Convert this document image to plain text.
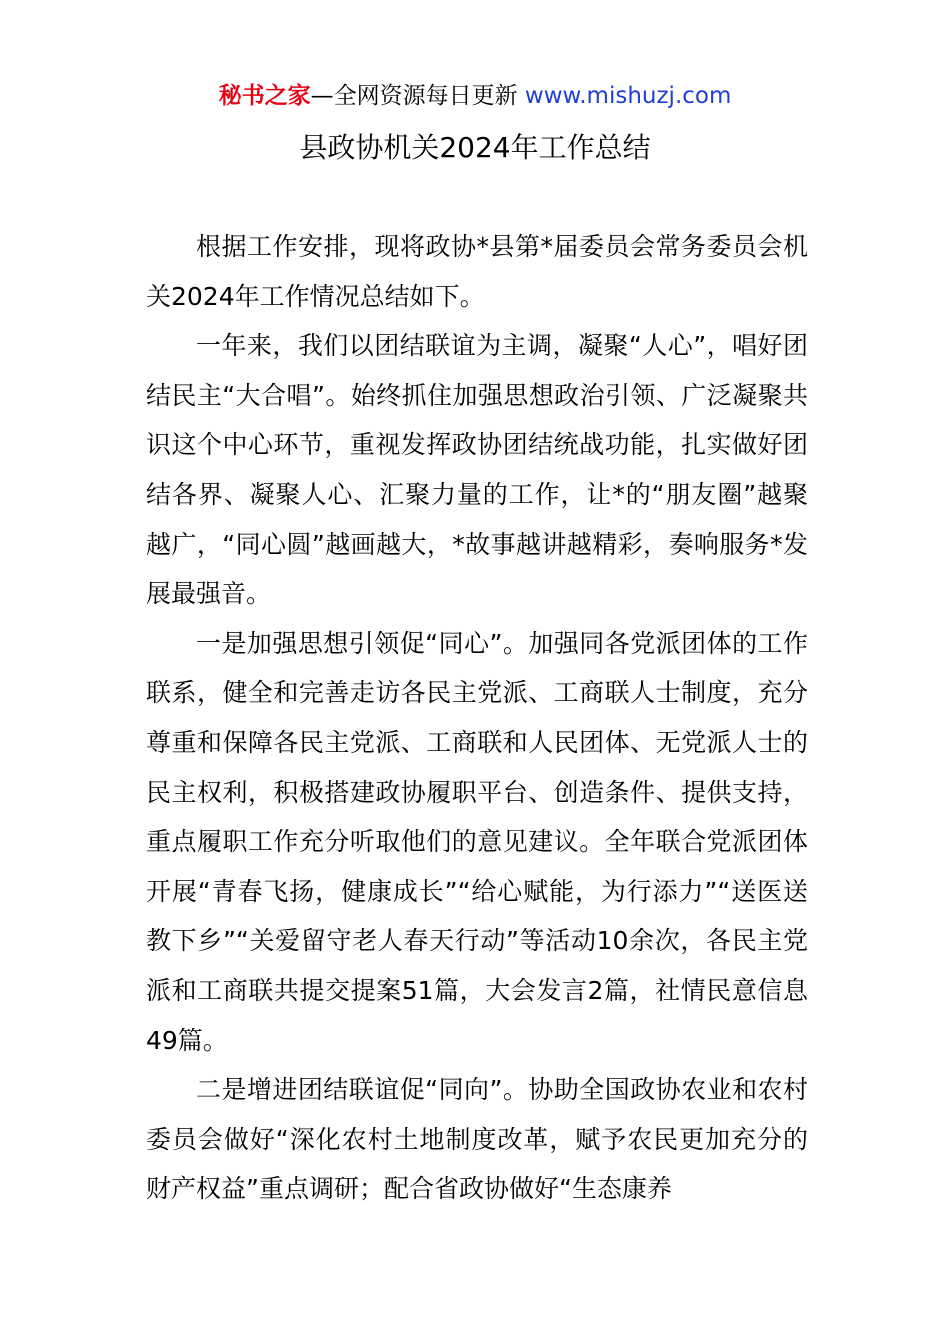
秘书之家—全网资源每日更新 www.mishuzj.com
县政协机关2024年工作总结

根据工作安排，现将政协*县第*届委员会常务委员会机关2024年工作情况总结如下。

一年来，我们以团结联谊为主调，凝聚“人心”，唱好团结民主“大合唱”。始终抓住加强思想政治引领、广泛凝聚共识这个中心环节，重视发挥政协团结统战功能，扎实做好团结各界、凝聚人心、汇聚力量的工作，让*的“朋友圈”越聚越广，“同心圆”越画越大，*故事越讲越精彩，奏响服务*发展最强音。

一是加强思想引领促“同心”。加强同各党派团体的工作联系，健全和完善走访各民主党派、工商联人士制度，充分尊重和保障各民主党派、工商联和人民团体、无党派人士的民主权利，积极搭建政协履职平台、创造条件、提供支持，重点履职工作充分听取他们的意见建议。全年联合党派团体开展“青春飞扬，健康成长”“给心赋能，为行添力”“送医送教下乡”“关爱留守老人春天行动”等活动10余次，各民主党派和工商联共提交提案51篇，大会发言2篇，社情民意信息49篇。

二是增进团结联谊促“同向”。协助全国政协农业和农村委员会做好“深化农村土地制度改革，赋予农民更加充分的财产权益”重点调研；配合省政协做好“生态康养
